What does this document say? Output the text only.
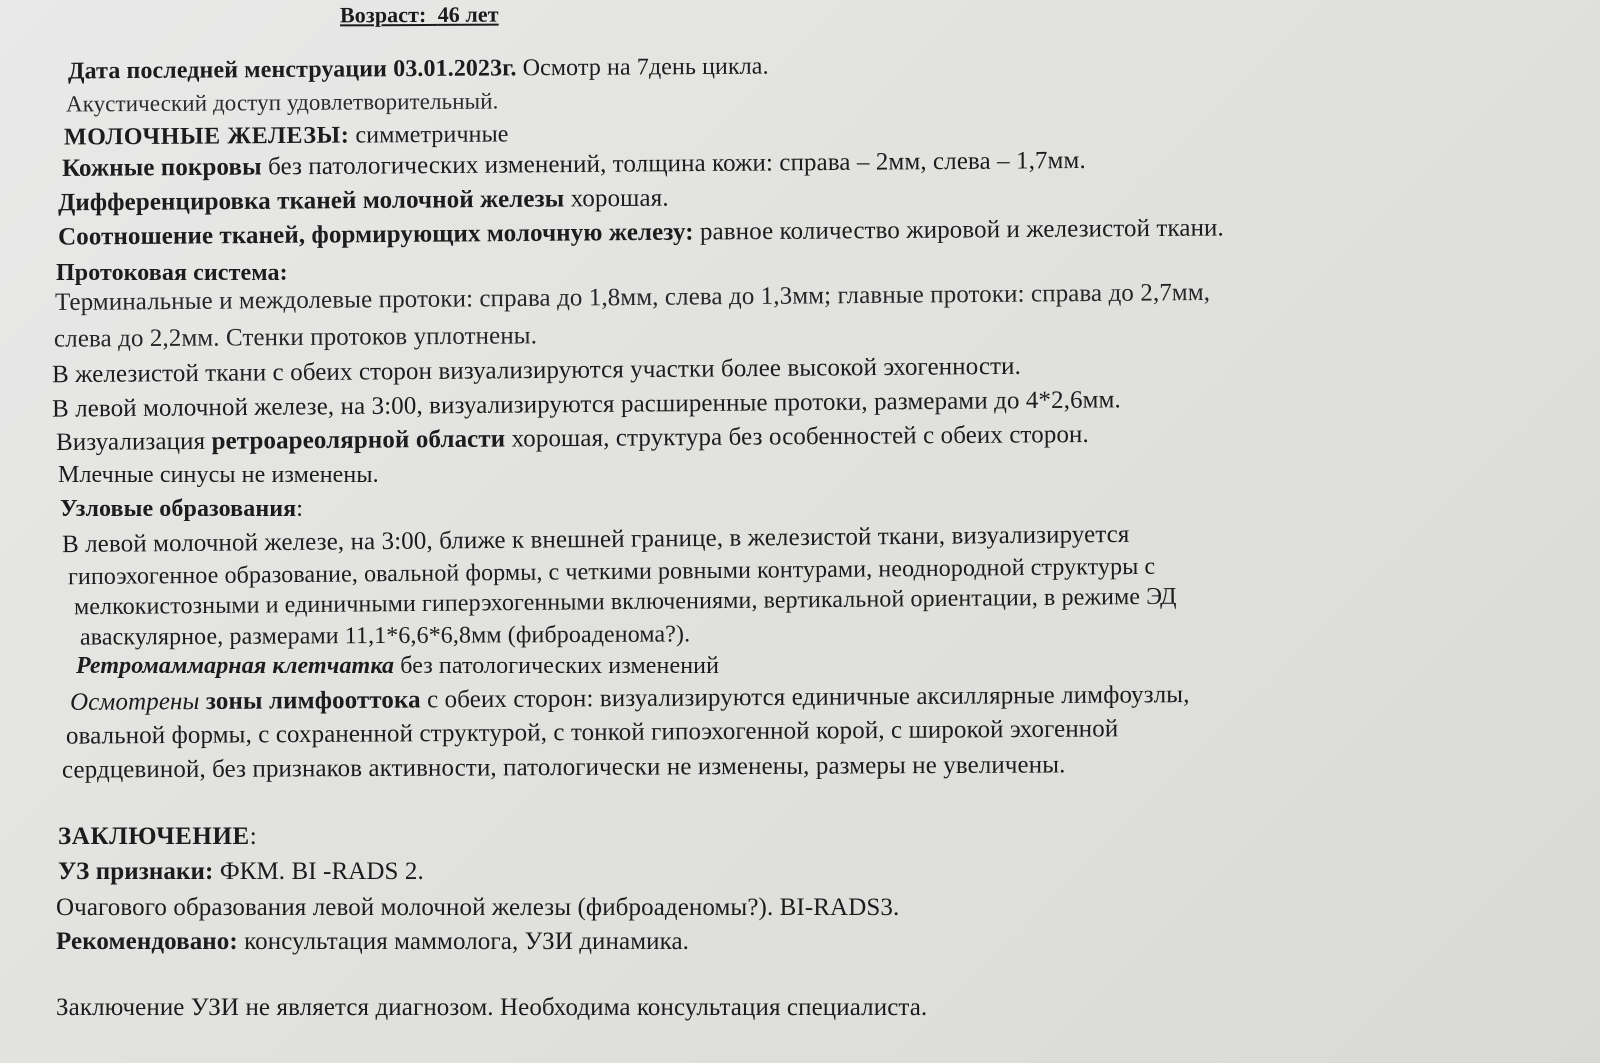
Возраст: 46 лет
Дата последней менструации 03.01.2023г. Осмотр на 7день цикла.
Акустический доступ удовлетворительный.
МОЛОЧНЫЕ ЖЕЛЕЗЫ: симметричные
Кожные покровы без патологических изменений, толщина кожи: справа – 2мм, слева – 1,7мм.
Дифференцировка тканей молочной железы хорошая.
Соотношение тканей, формирующих молочную железу: равное количество жировой и железистой ткани.
Протоковая система:
Терминальные и междолевые протоки: справа до 1,8мм, слева до 1,3мм; главные протоки: справа до 2,7мм,
слева до 2,2мм. Стенки протоков уплотнены.
В железистой ткани с обеих сторон визуализируются участки более высокой эхогенности.
В левой молочной железе, на 3:00, визуализируются расширенные протоки, размерами до 4*2,6мм.
Визуализация ретроареолярной области хорошая, структура без особенностей с обеих сторон.
Млечные синусы не изменены.
Узловые образования:
В левой молочной железе, на 3:00, ближе к внешней границе, в железистой ткани, визуализируется
гипоэхогенное образование, овальной формы, с четкими ровными контурами, неоднородной структуры с
мелкокистозными и единичными гиперэхогенными включениями, вертикальной ориентации, в режиме ЭД
аваскулярное, размерами 11,1*6,6*6,8мм (фиброаденома?).
Ретромаммарная клетчатка без патологических изменений
Осмотрены зоны лимфооттока с обеих сторон: визуализируются единичные аксиллярные лимфоузлы,
овальной формы, с сохраненной структурой, с тонкой гипоэхогенной корой, с широкой эхогенной
сердцевиной, без признаков активности, патологически не изменены, размеры не увеличены.
ЗАКЛЮЧЕНИЕ:
УЗ признаки: ФКМ. BI -RADS 2.
Очагового образования левой молочной железы (фиброаденомы?). BI-RADS3.
Рекомендовано: консультация маммолога, УЗИ динамика.
Заключение УЗИ не является диагнозом. Необходима консультация специалиста.
